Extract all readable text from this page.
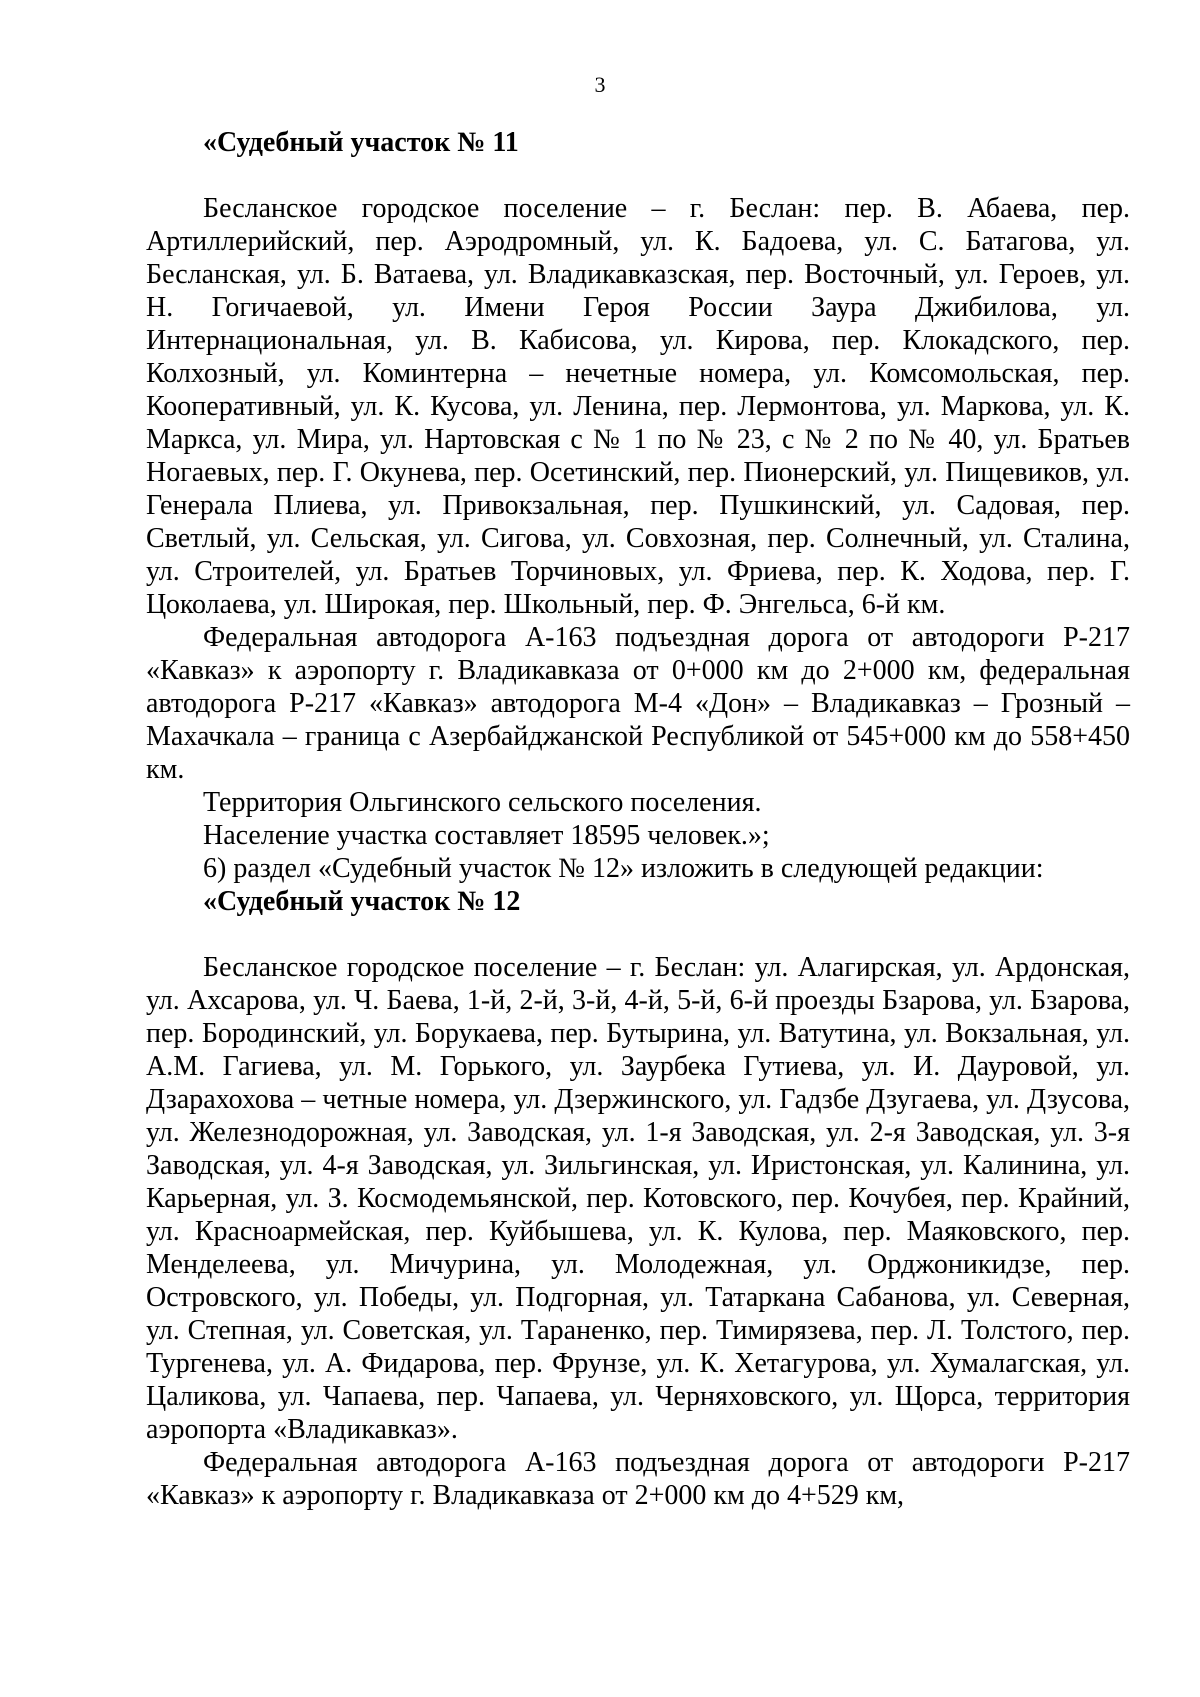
3

«Судебный участок № 11

Бесланское городское поселение – г. Беслан: пер. В. Абаева, пер. Артиллерийский, пер. Аэродромный, ул. К. Бадоева, ул. С. Батагова, ул. Бесланская, ул. Б. Ватаева, ул. Владикавказская, пер. Восточный, ул. Героев, ул. Н. Гогичаевой, ул. Имени Героя России Заура Джибилова, ул. Интернациональная, ул. В. Кабисова, ул. Кирова, пер. Клокадского, пер. Колхозный, ул. Коминтерна – нечетные номера, ул. Комсомольская, пер. Кооперативный, ул. К. Кусова, ул. Ленина, пер. Лермонтова, ул. Маркова, ул. К. Маркса, ул. Мира, ул. Нартовская с № 1 по № 23, с № 2 по № 40, ул. Братьев Ногаевых, пер. Г. Окунева, пер. Осетинский, пер. Пионерский, ул. Пищевиков, ул. Генерала Плиева, ул. Привокзальная, пер. Пушкинский, ул. Садовая, пер. Светлый, ул. Сельская, ул. Сигова, ул. Совхозная, пер. Солнечный, ул. Сталина, ул. Строителей, ул. Братьев Торчиновых, ул. Фриева, пер. К. Ходова, пер. Г. Цоколаева, ул. Широкая, пер. Школьный, пер. Ф. Энгельса, 6-й км.

Федеральная автодорога А-163 подъездная дорога от автодороги Р-217 «Кавказ» к аэропорту г. Владикавказа от 0+000 км до 2+000 км, федеральная автодорога Р-217 «Кавказ» автодорога М-4 «Дон» – Владикавказ – Грозный – Махачкала – граница с Азербайджанской Республикой от 545+000 км до 558+450 км.

Территория Ольгинского сельского поселения.

Население участка составляет 18595 человек.»;

6) раздел «Судебный участок № 12» изложить в следующей редакции:

«Судебный участок № 12

Бесланское городское поселение – г. Беслан: ул. Алагирская, ул. Ардонская, ул. Ахсарова, ул. Ч. Баева, 1-й, 2-й, 3-й, 4-й, 5-й, 6-й проезды Бзарова, ул. Бзарова, пер. Бородинский, ул. Борукаева, пер. Бутырина, ул. Ватутина, ул. Вокзальная, ул. А.М. Гагиева, ул. М. Горького, ул. Заурбека Гутиева, ул. И. Дауровой, ул. Дзарахохова – четные номера, ул. Дзержинского, ул. Гадзбе Дзугаева, ул. Дзусова, ул. Железнодорожная, ул. Заводская, ул. 1-я Заводская, ул. 2-я Заводская, ул. 3-я Заводская, ул. 4-я Заводская, ул. Зильгинская, ул. Иристонская, ул. Калинина, ул. Карьерная, ул. З. Космодемьянской, пер. Котовского, пер. Кочубея, пер. Крайний, ул. Красноармейская, пер. Куйбышева, ул. К. Кулова, пер. Маяковского, пер. Менделеева, ул. Мичурина, ул. Молодежная, ул. Орджоникидзе, пер. Островского, ул. Победы, ул. Подгорная, ул. Татаркана Сабанова, ул. Северная, ул. Степная, ул. Советская, ул. Тараненко, пер. Тимирязева, пер. Л. Толстого, пер. Тургенева, ул. А. Фидарова, пер. Фрунзе, ул. К. Хетагурова, ул. Хумалагская, ул. Цаликова, ул. Чапаева, пер. Чапаева, ул. Черняховского, ул. Щорса, территория аэропорта «Владикавказ».

Федеральная автодорога А-163 подъездная дорога от автодороги Р-217 «Кавказ» к аэропорту г. Владикавказа от 2+000 км до 4+529 км,
